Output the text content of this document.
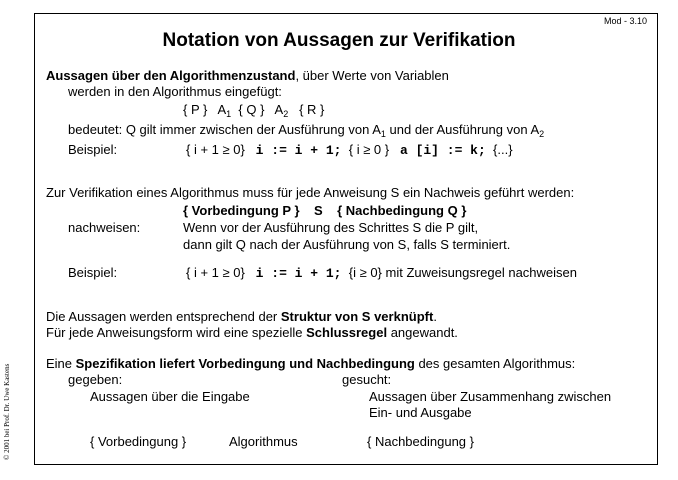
Mod - 3.10
Notation von Aussagen zur Verifikation
© 2001 bei Prof. Dr. Uwe Kastens
Aussagen über den Algorithmenzustand, über Werte von Variablen
werden in den Algorithmus eingefügt:
{ P } $A_1$ { Q } $A_2$ { R }
bedeutet: Q gilt immer zwischen der Ausführung von $A_1$ und der Ausführung von $A_2$
Beispiel:	{ i + 1 ≥ 0} i := i + 1; { i ≥ 0 } a [i] := k; {...}
Zur Verifikation eines Algorithmus muss für jede Anweisung S ein Nachweis geführt werden:
{ Vorbedingung P } S { Nachbedingung Q }
nachweisen:	Wenn vor der Ausführung des Schrittes S die P gilt,
dann gilt Q nach der Ausführung von S, falls S terminiert.
Beispiel:	{ i + 1 ≥ 0} i := i + 1; {i ≥ 0} mit Zuweisungsregel nachweisen
Die Aussagen werden entsprechend der Struktur von S verknüpft.
Für jede Anweisungsform wird eine spezielle Schlussregel angewandt.
Eine Spezifikation liefert Vorbedingung und Nachbedingung des gesamten Algorithmus:
gegeben:	gesucht:
Aussagen über die Eingabe	Aussagen über Zusammenhang zwischen
Ein- und Ausgabe
{ Vorbedingung }	Algorithmus	{ Nachbedingung }
